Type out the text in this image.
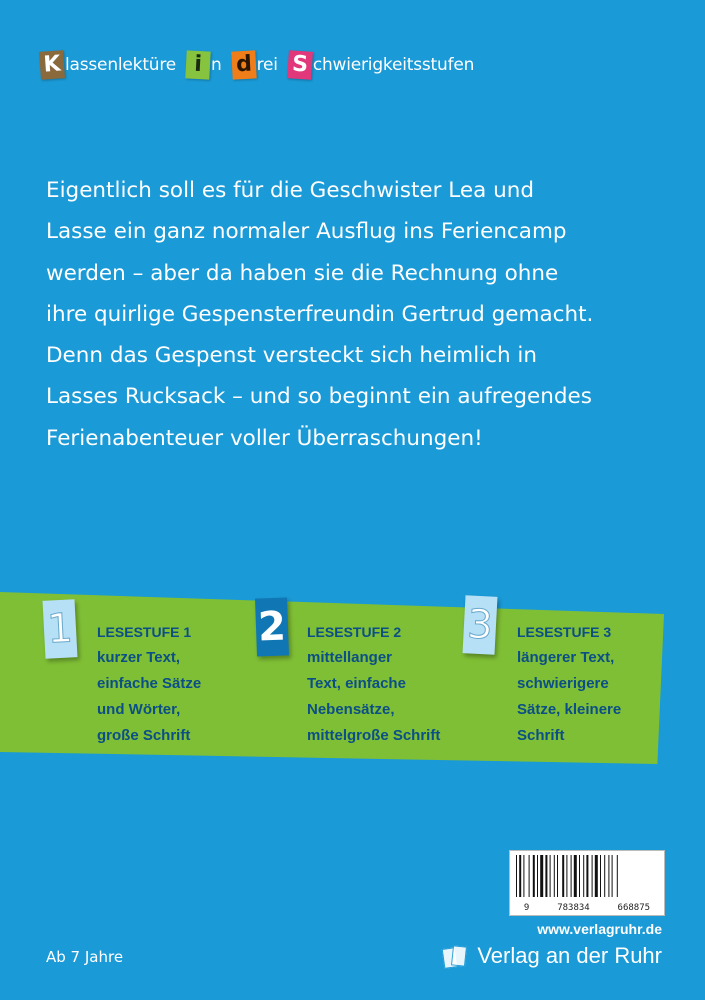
K lassenlektüre i n d rei S chwierigkeitsstufen

Eigentlich soll es für die Geschwister Lea und
Lasse ein ganz normaler Ausflug ins Feriencamp
werden – aber da haben sie die Rechnung ohne
ihre quirlige Gespensterfreundin Gertrud gemacht.
Denn das Gespenst versteckt sich heimlich in
Lasses Rucksack – und so beginnt ein aufregendes
Ferienabenteuer voller Überraschungen!

1 LESESTUFE 1
kurzer Text,
einfache Sätze
und Wörter,
große Schrift
2 LESESTUFE 2
mittellanger
Text, einfache
Nebensätze,
mittelgroße Schrift
3 LESESTUFE 3
längerer Text,
schwierigere
Sätze, kleinere
Schrift
9	783834	668875
www.verlagruhr.de
Verlag an der Ruhr
Ab 7 Jahre
